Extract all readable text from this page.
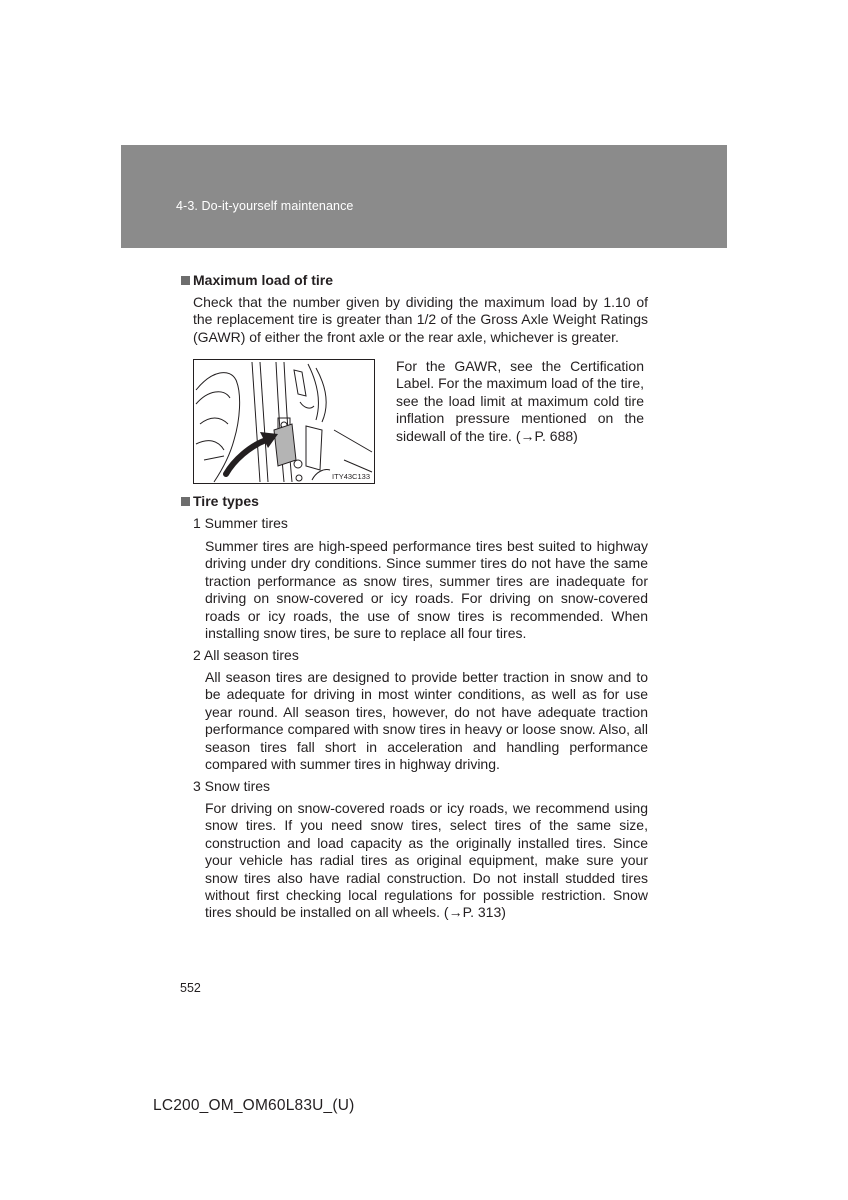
4-3. Do-it-yourself maintenance
Maximum load of tire

Check that the number given by dividing the maximum load by 1.10 of the replacement tire is greater than 1/2 of the Gross Axle Weight Ratings (GAWR) of either the front axle or the rear axle, whichever is greater.

ITY43C133

For the GAWR, see the Certification Label. For the maximum load of the tire, see the load limit at maximum cold tire inflation pressure mentioned on the sidewall of the tire. (→P. 688)

Tire types
1 Summer tires

Summer tires are high-speed performance tires best suited to highway driving under dry conditions. Since summer tires do not have the same traction performance as snow tires, summer tires are inadequate for driving on snow-covered or icy roads. For driving on snow-covered roads or icy roads, the use of snow tires is recommended. When installing snow tires, be sure to replace all four tires.

2 All season tires

All season tires are designed to provide better traction in snow and to be adequate for driving in most winter conditions, as well as for use year round. All season tires, however, do not have adequate traction performance compared with snow tires in heavy or loose snow. Also, all season tires fall short in acceleration and handling performance compared with summer tires in highway driving.

3 Snow tires

For driving on snow-covered roads or icy roads, we recommend using snow tires. If you need snow tires, select tires of the same size, construction and load capacity as the originally installed tires. Since your vehicle has radial tires as original equipment, make sure your snow tires also have radial construction. Do not install studded tires without first checking local regulations for possible restriction. Snow tires should be installed on all wheels. (→P. 313)

552
LC200_OM_OM60L83U_(U)
